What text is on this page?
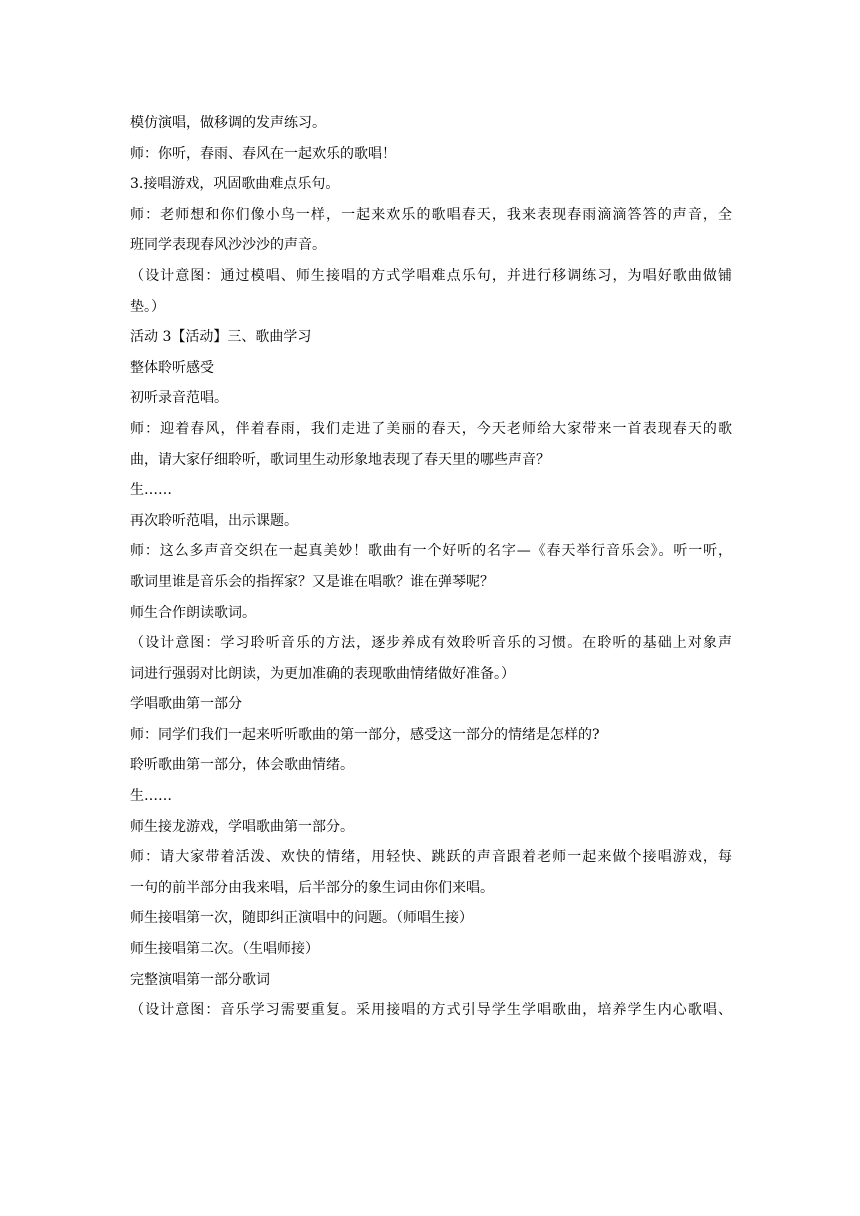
模仿演唱，做移调的发声练习。
师：你听，春雨、春风在一起欢乐的歌唱！
3.接唱游戏，巩固歌曲难点乐句。
师：老师想和你们像小鸟一样，一起来欢乐的歌唱春天，我来表现春雨滴滴答答的声音，全
班同学表现春风沙沙沙的声音。
（设计意图：通过模唱、师生接唱的方式学唱难点乐句，并进行移调练习，为唱好歌曲做铺
垫。）
活动 3【活动】三、歌曲学习
整体聆听感受
初听录音范唱。
师：迎着春风，伴着春雨，我们走进了美丽的春天，今天老师给大家带来一首表现春天的歌
曲，请大家仔细聆听，歌词里生动形象地表现了春天里的哪些声音？
生……
再次聆听范唱，出示课题。
师：这么多声音交织在一起真美妙！歌曲有一个好听的名字—《春天举行音乐会》。听一听，
歌词里谁是音乐会的指挥家？又是谁在唱歌？谁在弹琴呢？
师生合作朗读歌词。
（设计意图：学习聆听音乐的方法，逐步养成有效聆听音乐的习惯。在聆听的基础上对象声
词进行强弱对比朗读，为更加准确的表现歌曲情绪做好准备。）
学唱歌曲第一部分
师：同学们我们一起来听听歌曲的第一部分，感受这一部分的情绪是怎样的?
聆听歌曲第一部分，体会歌曲情绪。
生……
师生接龙游戏，学唱歌曲第一部分。
师：请大家带着活泼、欢快的情绪，用轻快、跳跃的声音跟着老师一起来做个接唱游戏，每
一句的前半部分由我来唱，后半部分的象生词由你们来唱。
师生接唱第一次，随即纠正演唱中的问题。（师唱生接）
师生接唱第二次。（生唱师接）
完整演唱第一部分歌词
（设计意图：音乐学习需要重复。采用接唱的方式引导学生学唱歌曲，培养学生内心歌唱、
